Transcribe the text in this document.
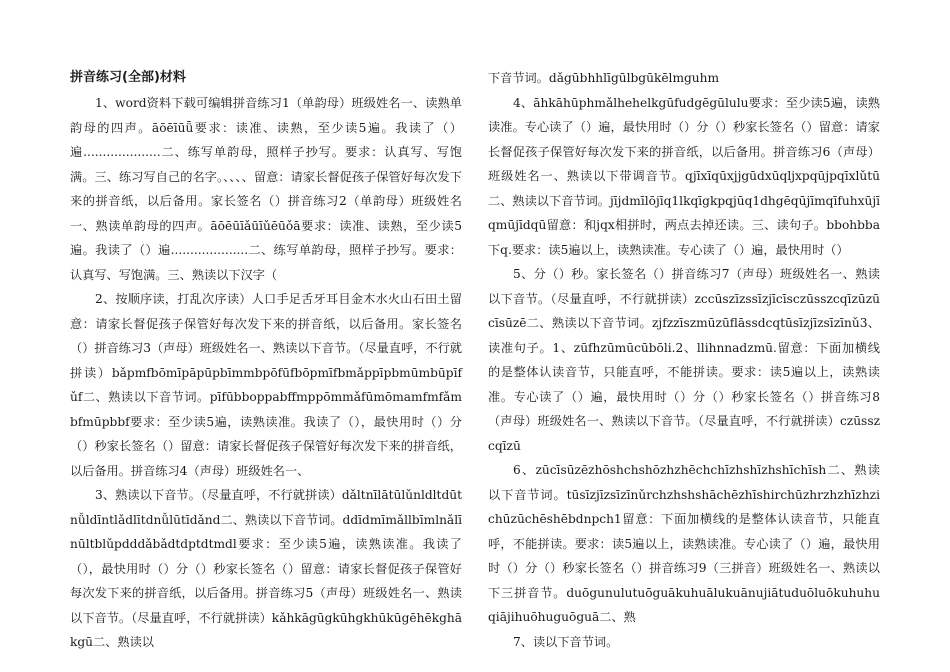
拼音练习(全部)材料

1、word资料下载可编辑拼音练习1（单韵母）班级姓名一、读熟单韵母的四声。āōēīūǖ要求：读准、读熟，至少读5遍。我读了（）遍....................二、练写单韵母，照样子抄写。要求：认真写、写饱满。三、练习写自己的名字。、、、、留意：请家长督促孩子保管好每次发下来的拼音纸，以后备用。家长签名（）拼音练习2（单韵母）班级姓名一、熟读单韵母的四声。āōēūīǎūīǔēūǒā要求：读准、读熟，至少读5遍。我读了（）遍....................二、练写单韵母，照样子抄写。要求：认真写、写饱满。三、熟读以下汉字（

2、按顺序读，打乱次序读）人口手足舌牙耳目金木水火山石田土留意：请家长督促孩子保管好每次发下来的拼音纸，以后备用。家长签名（）拼音练习3（声母）班级姓名一、熟读以下音节。（尽量直呼，不行就拼读）bǎpmfbōmīpāpūpbīmmbpōfūfbōpmīfbmǎppīpbmūmbūpīfǔf二、熟读以下音节词。pīfūbboppabffmppōmmǎfūmōmamfmfǎmbfmūpbbf要求：至少读5遍，读熟读准。我读了（），最快用时（）分（）秒家长签名（）留意：请家长督促孩子保管好每次发下来的拼音纸，以后备用。拼音练习4（声母）班级姓名一、

3、熟读以下音节。（尽量直呼，不行就拼读）dǎltnīlātūlǔnldltdūtnǚldīntlǎdlītdnǚlūtīdǎnd二、熟读以下音节词。ddīdmīmǎllbīmlnǎlīnūltblǔpdddǎbǎdtdptdtmdl要求：至少读5遍，读熟读准。我读了（），最快用时（）分（）秒家长签名（）留意：请家长督促孩子保管好每次发下来的拼音纸，以后备用。拼音练习5（声母）班级姓名一、熟读以下音节。（尽量直呼，不行就拼读）kǎhkāgūgkūhgkhūkūgēhēkghākgū二、熟读以

下音节词。dǎgūbhhlīgūlbgūkēlmguhm

4、āhkāhūphmǎlhehelkgūfudgēgūlulu要求：至少读5遍，读熟读准。专心读了（）遍，最快用时（）分（）秒家长签名（）留意：请家长督促孩子保管好每次发下来的拼音纸，以后备用。拼音练习6（声母）班级姓名一、熟读以下带调音节。qjīxīqūxjjgūdxūqljxpqūjpqīxlǔtū二、熟读以下音节词。jījdmīlōjīq1lkqīgkpqjūq1dhgēqūjīmqīfuhxūjīqmūjīdqū留意：和jqx相拼时，两点去掉还读。三、读句子。bbohbba下q.要求：读5遍以上，读熟读准。专心读了（）遍，最快用时（）

5、分（）秒。家长签名（）拼音练习7（声母）班级姓名一、熟读以下音节。（尽量直呼，不行就拼读）zccūszīzssīzjīcīsczūsszcqīzūzūcīsūzē二、熟读以下音节词。zjfzzīszmūzūflāssdcqtūsīzjīzsīzīnǔ3、读准句子。1、zūfhzūmūcūbōli.2、llihnnadzmū.留意：下面加横线的是整体认读音节，只能直呼，不能拼读。要求：读5遍以上，读熟读准。专心读了（）遍，最快用时（）分（）秒家长签名（）拼音练习8（声母）班级姓名一、熟读以下音节。（尽量直呼，不行就拼读）czūsszcqīzū

6、zūcīsūzēzhōshchshōzhzhēchchīzhshīzhshīchīsh二、熟读以下音节词。tūsīzjīzsīzīnǔrchzhshshāchēzhīshirchūzhrzhzhīzhzichūzūchēshēbdnpch1留意：下面加横线的是整体认读音节，只能直呼，不能拼读。要求：读5遍以上，读熟读准。专心读了（）遍，最快用时（）分（）秒家长签名（）拼音练习9（三拼音）班级姓名一、熟读以下三拼音节。duōgunulutuōguākuhuālukuānujiātuduōluōkuhuhuqiājihuōhuguōguā二、熟

7、读以下音节词。
